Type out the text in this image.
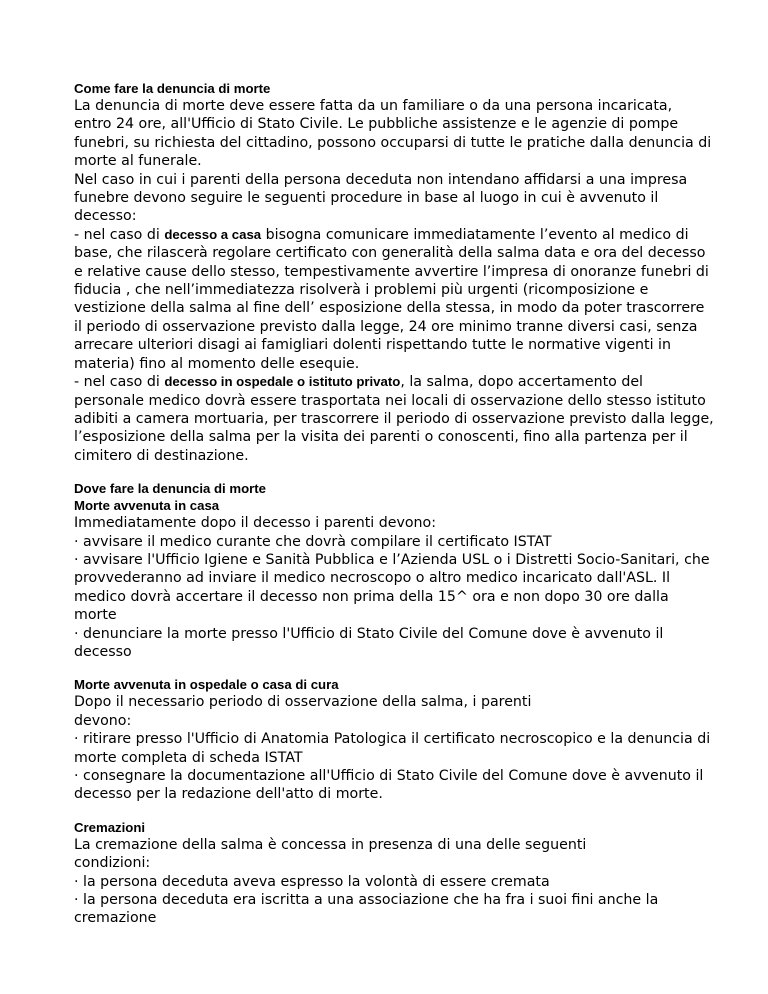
Come fare la denuncia di morte

La denuncia di morte deve essere fatta da un familiare o da una persona incaricata, entro 24 ore, all'Ufficio di Stato Civile. Le pubbliche assistenze e le agenzie di pompe funebri, su richiesta del cittadino, possono occuparsi di tutte le pratiche dalla denuncia di morte al funerale.

Nel caso in cui i parenti della persona deceduta non intendano affidarsi a una impresa funebre devono seguire le seguenti procedure in base al luogo in cui è avvenuto il decesso:

- nel caso di decesso a casa bisogna comunicare immediatamente l’evento al medico di base, che rilascerà regolare certificato con generalità della salma data e ora del decesso e relative cause dello stesso, tempestivamente avvertire l’impresa di onoranze funebri di fiducia , che nell’immediatezza risolverà i problemi più urgenti (ricomposizione e vestizione della salma al fine dell’ esposizione della stessa, in modo da poter trascorrere il periodo di osservazione previsto dalla legge, 24 ore minimo tranne diversi casi, senza arrecare ulteriori disagi ai famigliari dolenti rispettando tutte le normative vigenti in materia) fino al momento delle esequie.

- nel caso di decesso in ospedale o istituto privato, la salma, dopo accertamento del personale medico dovrà essere trasportata nei locali di osservazione dello stesso istituto adibiti a camera mortuaria, per trascorrere il periodo di osservazione previsto dalla legge, l’esposizione della salma per la visita dei parenti o conoscenti, fino alla partenza per il cimitero di destinazione.

Dove fare la denuncia di morte

Morte avvenuta in casa

Immediatamente dopo il decesso i parenti devono:

· avvisare il medico curante che dovrà compilare il certificato ISTAT

· avvisare l'Ufficio Igiene e Sanità Pubblica e l’Azienda USL o i Distretti Socio-Sanitari, che provvederanno ad inviare il medico necroscopo o altro medico incaricato dall'ASL. Il medico dovrà accertare il decesso non prima della 15^ ora e non dopo 30 ore dalla morte

· denunciare la morte presso l'Ufficio di Stato Civile del Comune dove è avvenuto il decesso

Morte avvenuta in ospedale o casa di cura

Dopo il necessario periodo di osservazione della salma, i parenti

devono:

· ritirare presso l'Ufficio di Anatomia Patologica il certificato necroscopico e la denuncia di morte completa di scheda ISTAT

· consegnare la documentazione all'Ufficio di Stato Civile del Comune dove è avvenuto il decesso per la redazione dell'atto di morte.

Cremazioni

La cremazione della salma è concessa in presenza di una delle seguenti

condizioni:

· la persona deceduta aveva espresso la volontà di essere cremata

· la persona deceduta era iscritta a una associazione che ha fra i suoi fini anche la cremazione
